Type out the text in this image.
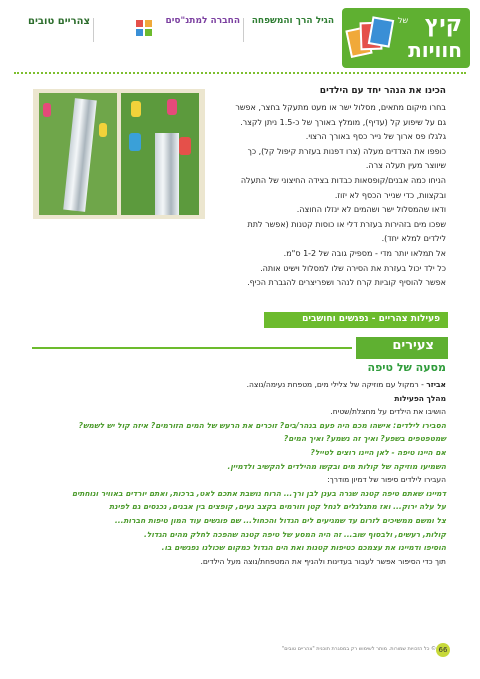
קיץ
חוויות
של
הגיל הרך והמשפחה
החברה למתנ"סים
צהריים טובים
הכינו את הנהר יחד עם הילדים
בחרו מיקום מתאים, מסלול ישר או מעט מתעקל בחצר, אפשר
גם על שיפוע קל (עדיף), מומלץ באורך של כ-1.5 ניתן לקצר.
גלגלו פס ארוך של נייר כסף באורך הרצוי.
כופפו את הצדדים מעלה (צרו דפנות בעזרת קיפול קל), כך
שיווצר מעין תעלה צרה.
הניחו כמה אבנים/קופסאות כבדות בצידה החיצוני של התעלה
ובקצוות, כדי שנייר הכסף לא יזוז.
ודאו שהמסלול ישר ושהמים לא ינזלו החוצה.
שפכו מים בזהירות בעזרת דלי או כוסות קטנות (אפשר לתת
לילדים למלא יחד).
אל תמלאו יותר מדי - מספיק גובה של 1-2 ס"מ.
כל ילד יכול בעזרת את הסירה שלו למסלול וישיט אותה.
אפשר להוסיף קוביות קרח לנהר ושפריצרים להגברת הכיף.
פעילות צהריים - נפגשים וחושבים
צעירים
מסעה של טיפה
אביזר - רמקול עם מוזיקה של צלילי מים, מטפחת נעימה/נוצה.
מהלך הפעילות
הושיבו את הילדים על מחצלת/שטיח.
הסבירו לילדים: אישהו מכם היה פעם בנהר/בים? זוכרים את הרעש של המים הזורמים? איזה קול יש לשמש?
שמטפטפים בשפע? ואיך זה נשמע? ואיך המים?
אם היינו טיפה - לאן היינו רוצים לטייל?
השמיעו מוזיקה של קולות מים ובקשו מהילדים להקשיב ולדמיין.
העבירו לילדים סיפור של דמיון מודרך:
דמיינו שאתם טיפה קטנה שגרה בענן לבן ורך... הרוח נושבת אתכם לאט, ברכות, ואתם יורדים באוויר ונוחתים
על עלה ירוק... ואז מתגלגלים לנחל קטן וזורמים בקצב נעים, קופצים בין אבנים, נכנסים גם לפינת
צל ומשם ממשיכים לזרום עד שמגיעים לים הגדול והכחול... שם פוגשים עוד המון טיפות חברות...
קולות, רעשים, ולבסוף שוב... זה היה המסע של טיפה קטנה שהפכה לחלק מהים הגדול.
הוסיפו ודמיינו את עצמכם כטיפות קטנות ואת הים הגדול כמקום שכולנו נפגשים בו.
תוך כדי הסיפור אפשר לעבור בעדינות ולהניף את המטפחת/נוצה מעל הילדים.
© כל הזכויות שמורות. מותר לשימוש רק במסגרת תוכנית "צהריים טובים" 66
